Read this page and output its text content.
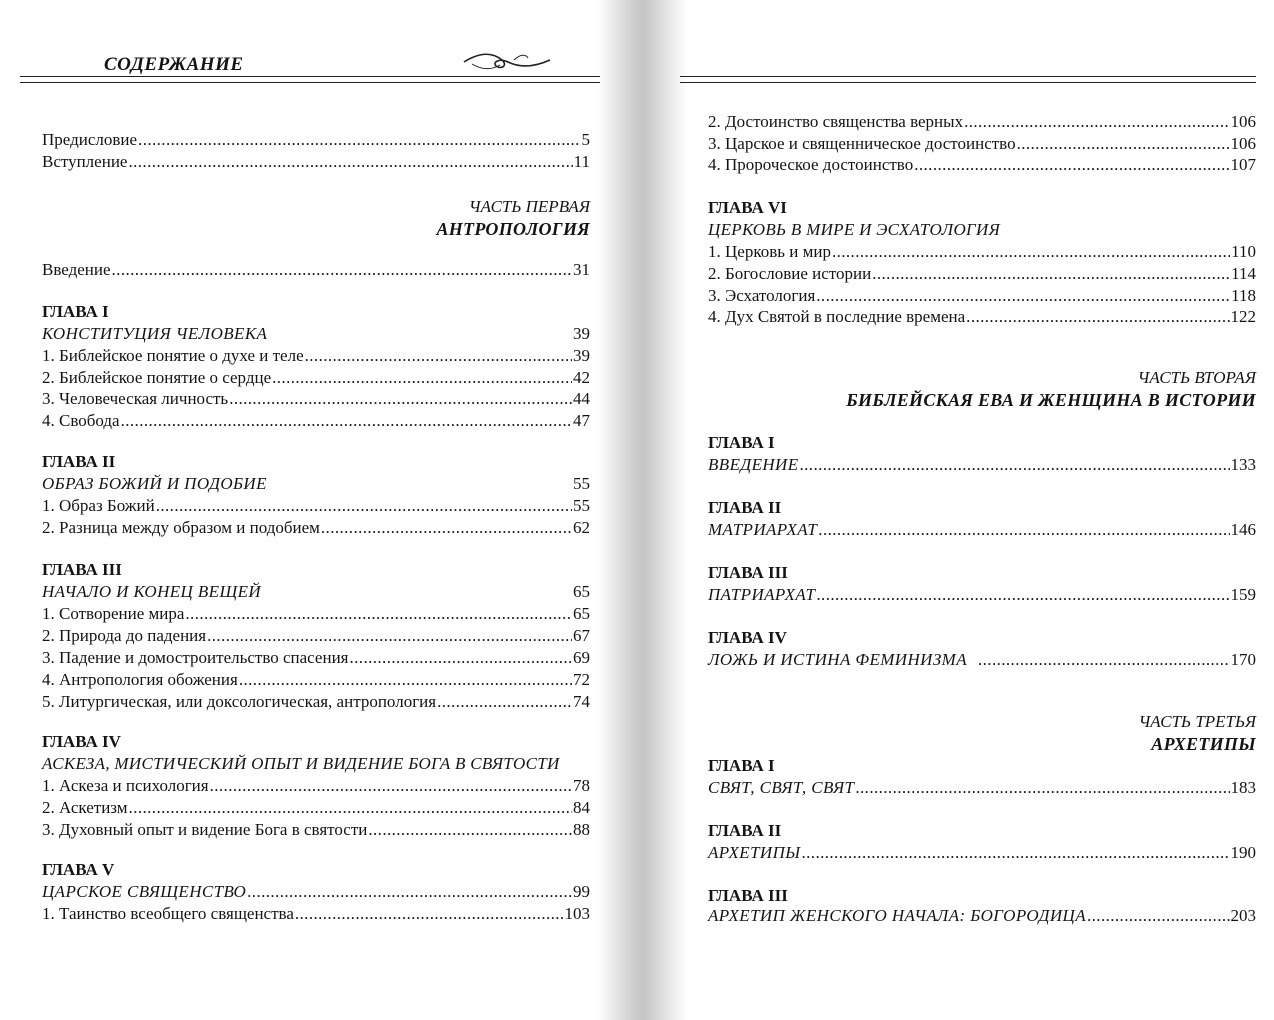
СОДЕРЖАНИЕ
Предисловие .....	5
Вступление .....	11
ЧАСТЬ ПЕРВАЯ
АНТРОПОЛОГИЯ
Введение .....	31
ГЛАВА I
КОНСТИТУЦИЯ ЧЕЛОВЕКА	39
1. Библейское понятие о духе и теле .....	39
2. Библейское понятие о сердце .....	42
3. Человеческая личность .....	44
4. Свобода .....	47
ГЛАВА II
ОБРАЗ БОЖИЙ И ПОДОБИЕ	55
1. Образ Божий .....	55
2. Разница между образом и подобием .....	62
ГЛАВА III
НАЧАЛО И КОНЕЦ ВЕЩЕЙ	65
1. Сотворение мира .....	65
2. Природа до падения .....	67
3. Падение и домостроительство спасения .....	69
4. Антропология обожения .....	72
5. Литургическая, или доксологическая, антропология .....	74
ГЛАВА IV
АСКЕЗА, МИСТИЧЕСКИЙ ОПЫТ И ВИДЕНИЕ БОГА В СВЯТОСТИ
1. Аскеза и психология .....	78
2. Аскетизм .....	84
3. Духовный опыт и видение Бога в святости .....	88
ГЛАВА V
ЦАРСКОЕ СВЯЩЕНСТВО .....	99
1. Таинство всеобщего священства .....	103
2. Достоинство священства верных .....	106
3. Царское и священническое достоинство .....	106
4. Пророческое достоинство .....	107
ГЛАВА VI
ЦЕРКОВЬ В МИРЕ И ЭСХАТОЛОГИЯ
1. Церковь и мир .....	110
2. Богословие истории .....	114
3. Эсхатология .....	118
4. Дух Святой в последние времена .....	122
ЧАСТЬ ВТОРАЯ
БИБЛЕЙСКАЯ ЕВА И ЖЕНЩИНА В ИСТОРИИ
ГЛАВА I
ВВЕДЕНИЕ .....	133
ГЛАВА II
МАТРИАРХАТ .....	146
ГЛАВА III
ПАТРИАРХАТ .....	159
ГЛАВА IV
ЛОЖЬ И ИСТИНА ФЕМИНИЗМА .....	170
ЧАСТЬ ТРЕТЬЯ
АРХЕТИПЫ
ГЛАВА I
СВЯТ, СВЯТ, СВЯТ .....	183
ГЛАВА II
АРХЕТИПЫ .....	190
ГЛАВА III
АРХЕТИП ЖЕНСКОГО НАЧАЛА: БОГОРОДИЦА .....	203
